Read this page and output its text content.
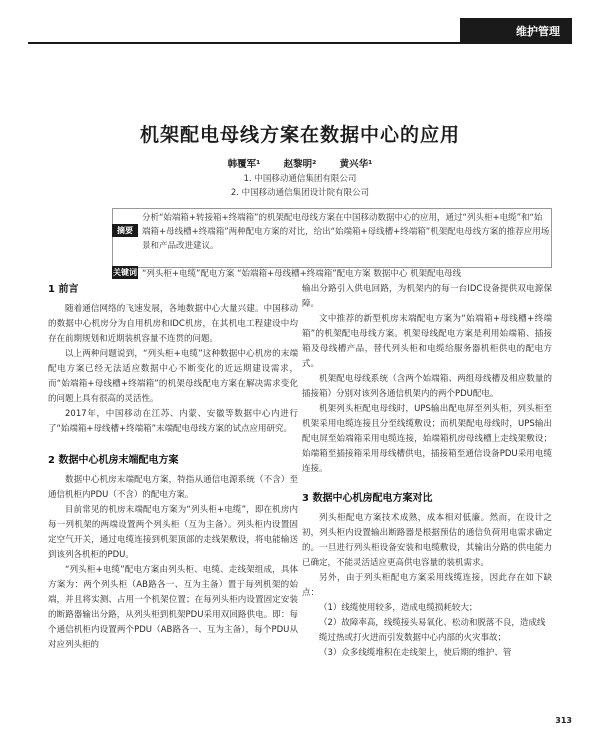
维护管理
机架配电母线方案在数据中心的应用
韩覆军¹ 赵黎明² 黄兴华¹
1. 中国移动通信集团有限公司
2. 中国移动通信集团设计院有限公司
摘要
分析“始端箱+转接箱+终端箱”的机架配电母线方案在中国移动数据中心的应用，通过“列头柜+电缆”和“始端箱+母线槽+终端箱”两种配电方案的对比，给出“始端箱+母线槽+终端箱”机架配电母线方案的推荐应用场景和产品改进建议。
关键词 “列头柜+电缆”配电方案 “始端箱+母线槽+终端箱”配电方案 数据中心 机架配电母线
1 前言

随着通信网络的飞速发展，各地数据中心大量兴建。中国移动的数据中心机房分为自用机房和IDC机房，在其机电工程建设中均存在前期规划和近期装机容量不连贯的问题。

以上两种问题说到，“列头柜+电缆”这种数据中心机房的末端配电方案已经无法适应数据中心不断变化的近远期建设需求，而“始端箱+母线槽+终端箱”的机架母线配电方案在解决需求变化的问题上具有很高的灵活性。

2017年，中国移动在江苏、内蒙、安徽等数据中心内进行了“始端箱+母线槽+终端箱”末端配电母线方案的试点应用研究。

2 数据中心机房末端配电方案

数据中心机房末端配电方案，特指从通信电源系统（不含）至通信机柜内PDU（不含）的配电方案。

目前常见的机房末端配电方案为“列头柜+电缆”，即在机房内每一列机架的两端设置两个列头柜（互为主备）。列头柜内设置固定空气开关，通过电缆连接到机架顶部的走线架敷设，将电能输送到该列各机柜的PDU。

“列头柜+电缆”配电方案由列头柜、电缆、走线架组成，具体方案为：两个列头柜（AB路各一、互为主备）置于每列机架的始端，并且将实测、占用一个机架位置；在每列头柜内设置固定安装的断路器输出分路，从列头柜到机架PDU采用双回路供电。即：每个通信机柜内设置两个PDU（AB路各一、互为主备），每个PDU从对应列头柜的

输出分路引入供电回路，为机架内的每一台IDC设备提供双电源保障。

文中推荐的新型机房末端配电方案为“始端箱+母线槽+终端箱”的机架配电母线方案。机架母线配电方案是利用始端箱、插接箱及母线槽产品，替代列头柜和电缆给服务器机柜供电的配电方式。

机架配电母线系统（含两个始端箱、两组母线槽及相应数量的插接箱）分别对该列各通信机架内的两个PDU配电。

机架列头柜配电母线时，UPS输出配电屏至列头柜，列头柜至机架采用电缆连接且分至线缆敷设；而机架配电母线时，UPS输出配电屏至始端箱采用电缆连接，始端箱机房母线槽上走线架敷设；始端箱至插接箱采用母线槽供电，插接箱至通信设备PDU采用电缆连接。

3 数据中心机房配电方案对比

列头柜配电方案技术成熟，成本相对低廉。然而，在设计之初，列头柜内设置输出断路器是根据预估的通信负荷用电需求确定的。一旦进行列头柜设备安装和电缆敷设，其输出分路的供电能力已确定，不能灵活适应更高供电容量的装机需求。

另外，由于列头柜配电方案采用线缆连接，因此存在如下缺点：

（1）线缆使用较多，造成电缆损耗较大；

（2）故障率高，线缆接头易氧化、松动和脱落不良，造成线缆过热或打火进而引发数据中心内部的火灾事故；

（3）众多线缆堆积在走线架上，使后期的维护、管

313
